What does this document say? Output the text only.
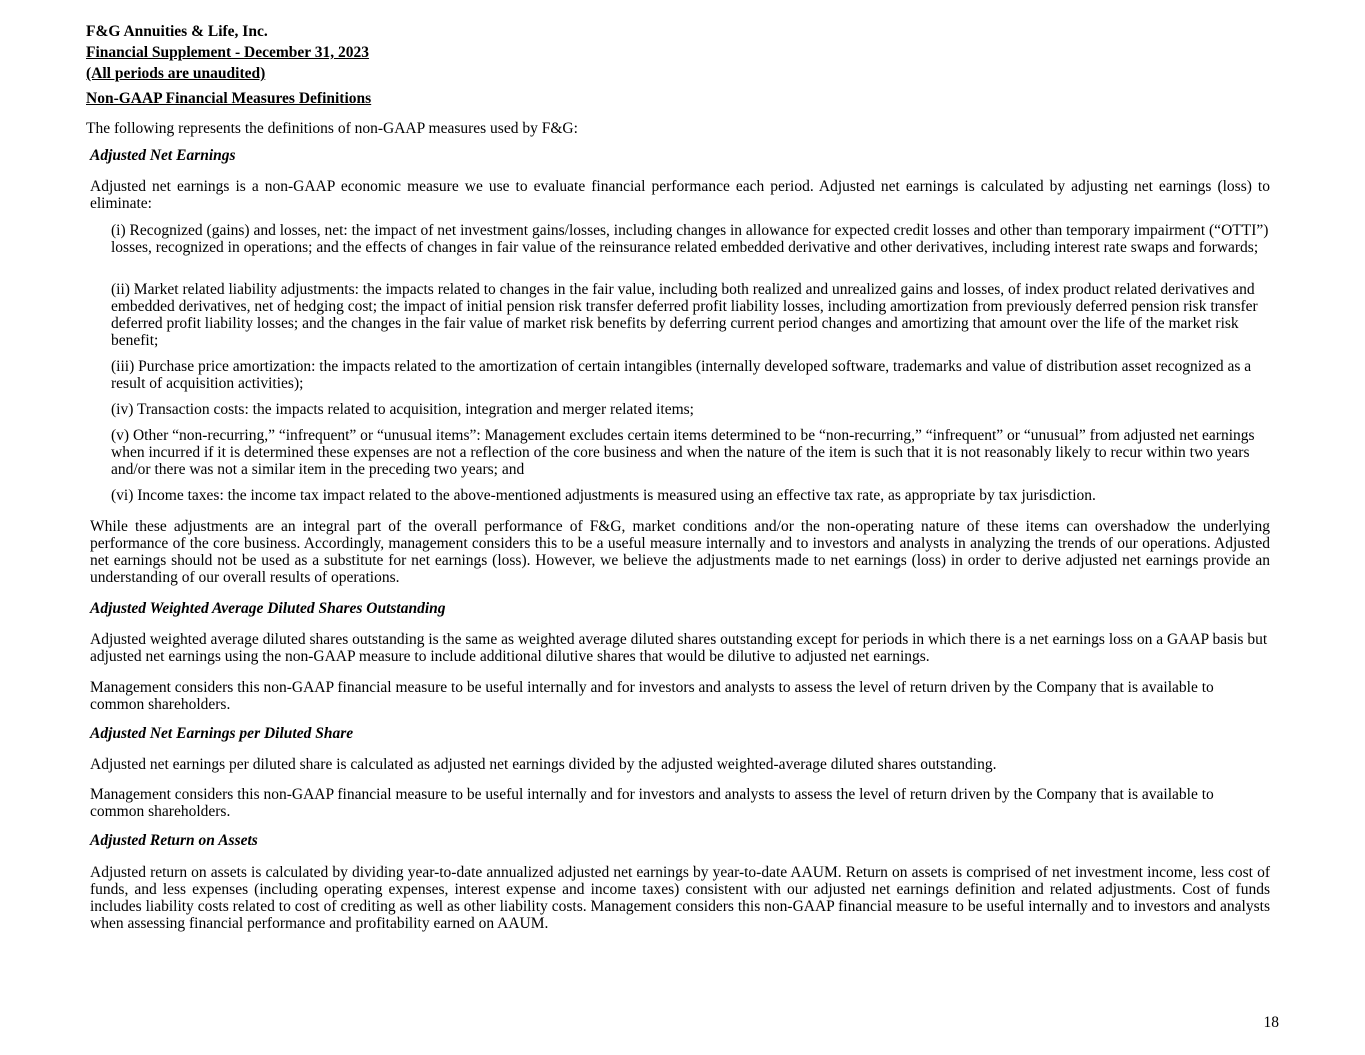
F&G Annuities & Life, Inc.
Financial Supplement - December 31, 2023
(All periods are unaudited)
Non-GAAP Financial Measures Definitions
The following represents the definitions of non-GAAP measures used by F&G:
Adjusted Net Earnings
Adjusted net earnings is a non-GAAP economic measure we use to evaluate financial performance each period. Adjusted net earnings is calculated by adjusting net earnings (loss) to eliminate:
(i) Recognized (gains) and losses, net: the impact of net investment gains/losses, including changes in allowance for expected credit losses and other than temporary impairment (“OTTI”) losses, recognized in operations; and the effects of changes in fair value of the reinsurance related embedded derivative and other derivatives, including interest rate swaps and forwards;
(ii) Market related liability adjustments: the impacts related to changes in the fair value, including both realized and unrealized gains and losses, of index product related derivatives and embedded derivatives, net of hedging cost; the impact of initial pension risk transfer deferred profit liability losses, including amortization from previously deferred pension risk transfer deferred profit liability losses; and the changes in the fair value of market risk benefits by deferring current period changes and amortizing that amount over the life of the market risk benefit;
(iii) Purchase price amortization: the impacts related to the amortization of certain intangibles (internally developed software, trademarks and value of distribution asset recognized as a result of acquisition activities);
(iv) Transaction costs: the impacts related to acquisition, integration and merger related items;
(v) Other “non-recurring,” “infrequent” or “unusual items”: Management excludes certain items determined to be “non-recurring,” “infrequent” or “unusual” from adjusted net earnings when incurred if it is determined these expenses are not a reflection of the core business and when the nature of the item is such that it is not reasonably likely to recur within two years and/or there was not a similar item in the preceding two years; and
(vi) Income taxes: the income tax impact related to the above-mentioned adjustments is measured using an effective tax rate, as appropriate by tax jurisdiction.
While these adjustments are an integral part of the overall performance of F&G, market conditions and/or the non-operating nature of these items can overshadow the underlying performance of the core business. Accordingly, management considers this to be a useful measure internally and to investors and analysts in analyzing the trends of our operations. Adjusted net earnings should not be used as a substitute for net earnings (loss). However, we believe the adjustments made to net earnings (loss) in order to derive adjusted net earnings provide an understanding of our overall results of operations.
Adjusted Weighted Average Diluted Shares Outstanding
Adjusted weighted average diluted shares outstanding is the same as weighted average diluted shares outstanding except for periods in which there is a net earnings loss on a GAAP basis but adjusted net earnings using the non-GAAP measure to include additional dilutive shares that would be dilutive to adjusted net earnings.
Management considers this non-GAAP financial measure to be useful internally and for investors and analysts to assess the level of return driven by the Company that is available to common shareholders.
Adjusted Net Earnings per Diluted Share
Adjusted net earnings per diluted share is calculated as adjusted net earnings divided by the adjusted weighted-average diluted shares outstanding.
Management considers this non-GAAP financial measure to be useful internally and for investors and analysts to assess the level of return driven by the Company that is available to common shareholders.
Adjusted Return on Assets
Adjusted return on assets is calculated by dividing year-to-date annualized adjusted net earnings by year-to-date AAUM. Return on assets is comprised of net investment income, less cost of funds, and less expenses (including operating expenses, interest expense and income taxes) consistent with our adjusted net earnings definition and related adjustments. Cost of funds includes liability costs related to cost of crediting as well as other liability costs. Management considers this non-GAAP financial measure to be useful internally and to investors and analysts when assessing financial performance and profitability earned on AAUM.
18
